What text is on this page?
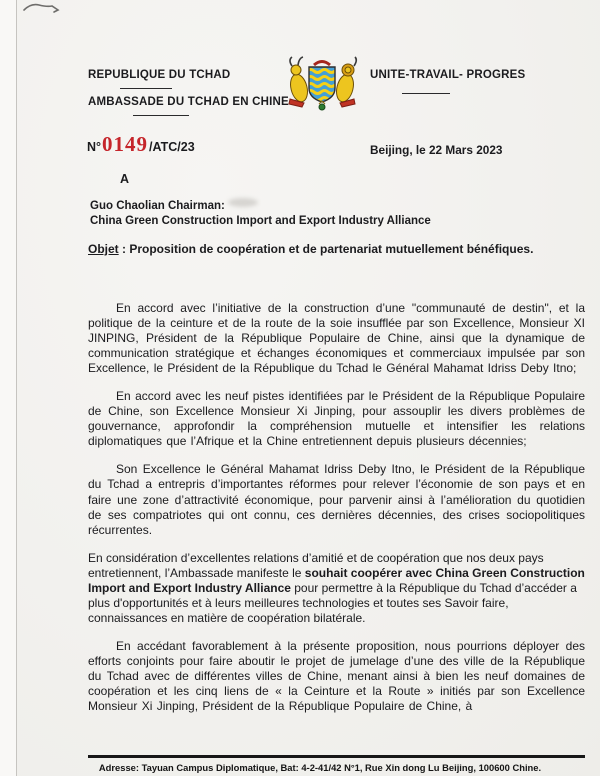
REPUBLIQUE DU TCHAD
AMBASSADE DU TCHAD EN CHINE
UNITE-TRAVAIL- PROGRES
N° 0149 /ATC/23	Beijing, le 22 Mars 2023
A
Guo Chaolian Chairman:
China Green Construction Import and Export Industry Alliance
Objet : Proposition de coopération et de partenariat mutuellement bénéfiques.

En accord avec l’initiative de la construction d’une "communauté de destin", et la politique de la ceinture et de la route de la soie insufflée par son Excellence, Monsieur XI JINPING, Président de la République Populaire de Chine, ainsi que la dynamique de communication stratégique et échanges économiques et commerciaux impulsée par son Excellence, le Président de la République du Tchad le Général Mahamat Idriss Deby Itno;

En accord avec les neuf pistes identifiées par le Président de la République Populaire de Chine, son Excellence Monsieur Xi Jinping, pour assouplir les divers problèmes de gouvernance, approfondir la compréhension mutuelle et intensifier les relations diplomatiques que l’Afrique et la Chine entretiennent depuis plusieurs décennies;

Son Excellence le Général Mahamat Idriss Deby Itno, le Président de la République du Tchad a entrepris d’importantes réformes pour relever l’économie de son pays et en faire une zone d’attractivité économique, pour parvenir ainsi à l’amélioration du quotidien de ses compatriotes qui ont connu, ces dernières décennies, des crises sociopolitiques récurrentes.

En considération d’excellentes relations d’amitié et de coopération que nos deux pays entretiennent, l’Ambassade manifeste le souhait coopérer avec China Green Construction Import and Export Industry Alliance pour permettre à la République du Tchad d’accéder a plus d'opportunités et à leurs meilleures technologies et toutes ses Savoir faire, connaissances en matière de coopération bilatérale.

En accédant favorablement à la présente proposition, nous pourrions déployer des efforts conjoints pour faire aboutir le projet de jumelage d’une des ville de la République du Tchad avec de différentes villes de Chine, menant ainsi à bien les neuf domaines de coopération et les cinq liens de « la Ceinture et la Route » initiés par son Excellence Monsieur Xi Jinping, Président de la République Populaire de Chine, à

Adresse: Tayuan Campus Diplomatique, Bat: 4-2-41/42 N°1, Rue Xin dong Lu Beijing, 100600 Chine.
